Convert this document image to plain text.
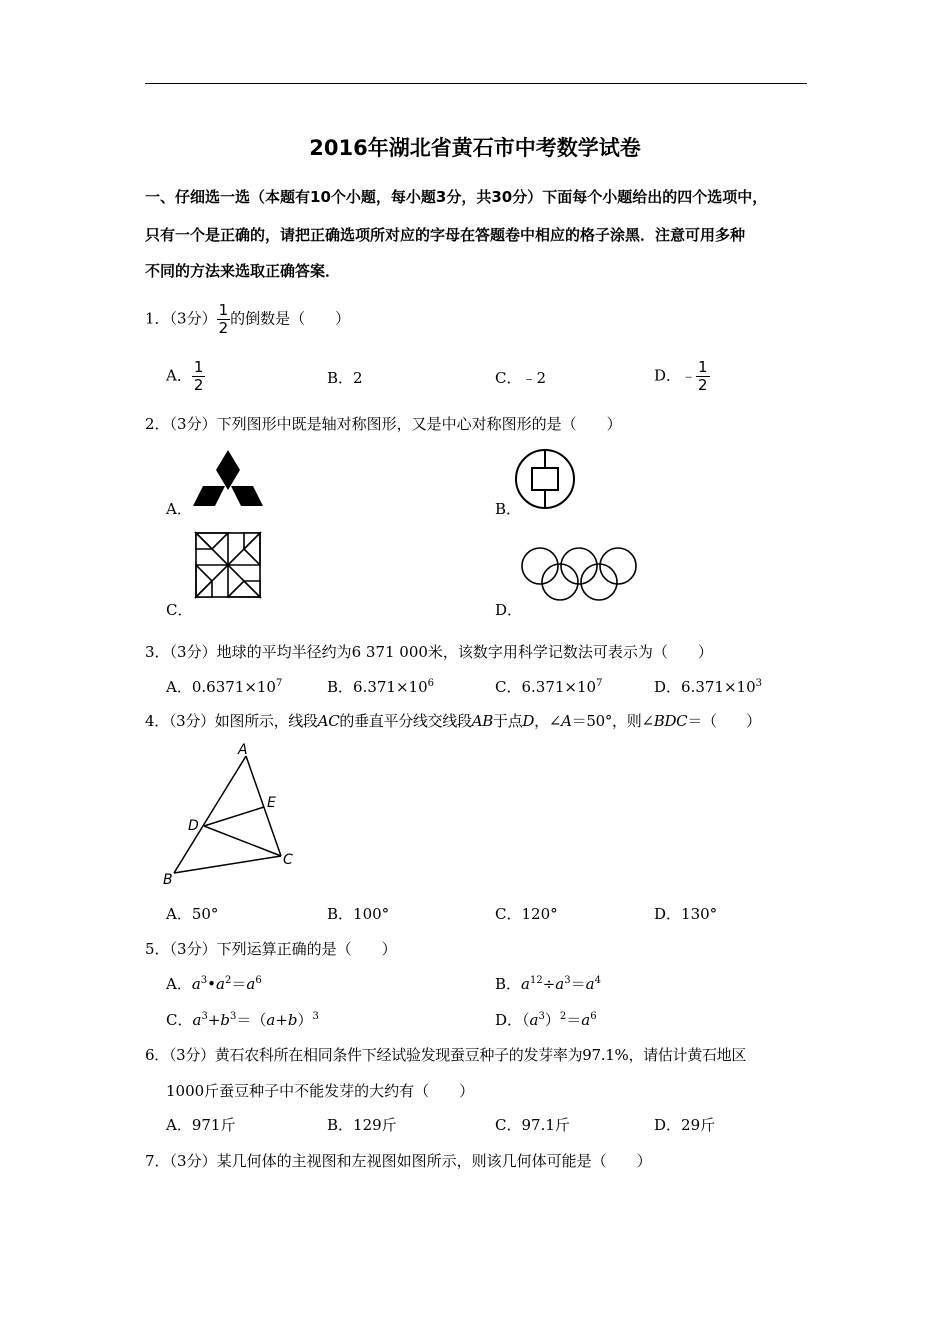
2016年湖北省黄石市中考数学试卷
一、仔细选一选（本题有10个小题，每小题3分，共30分）下面每个小题给出的四个选项中，
只有一个是正确的，请把正确选项所对应的字母在答题卷中相应的格子涂黑．注意可用多种
不同的方法来选取正确答案．
1．（3分） $\frac{1}{2}$ 的倒数是（　　）
A． $\frac{1}{2}$	B．2	C．﹣2	D．﹣ $\frac{1}{2}$
2．（3分）下列图形中既是轴对称图形，又是中心对称图形的是（　　）
A．	B．
C．	D．
3．（3分）地球的平均半径约为6 371 000米，该数字用科学记数法可表示为（　　）
A．$0.6371\times 10^7$	B．$6.371\times 10^6$	C．$6.371\times 10^7$	D．$6.371\times 10^3$
4．（3分）如图所示，线段AC的垂直平分线交线段AB于点D，∠A＝50°，则∠BDC＝（　　）
A
B
C
D
E
A．50°	B．100°	C．120°	D．130°
5．（3分）下列运算正确的是（　　）
A．$a^3•a^2=a^6$	B．$a^{12}\div a^3=a^4$
C．$a^3+b^3=(a+b)^3$	D．$(a^3)^2=a^6$
6．（3分）黄石农科所在相同条件下经试验发现蚕豆种子的发芽率为97.1%，请估计黄石地区
1000斤蚕豆种子中不能发芽的大约有（　　）
A．971斤	B．129斤	C．97.1斤	D．29斤
7．（3分）某几何体的主视图和左视图如图所示，则该几何体可能是（　　）
